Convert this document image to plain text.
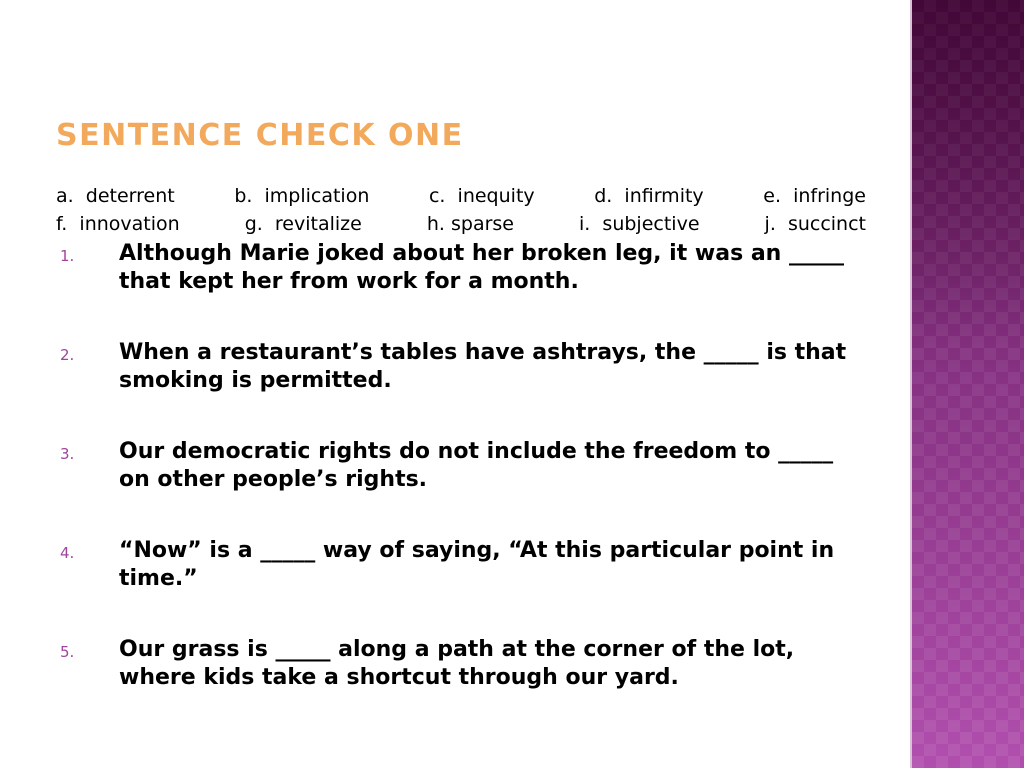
SENTENCE CHECK ONE
a.  deterrent	b.  implication	c.  inequity	d.  infirmity	e.  infringe
f.  innovation	g.  revitalize	h. sparse	i.  subjective	j.  succinct
1. Although Marie joked about her broken leg, it was an _____ that kept her from work for a month.
2. When a restaurant’s tables have ashtrays, the _____ is that smoking is permitted.
3. Our democratic rights do not include the freedom to _____ on other people’s rights.
4. “Now” is a _____ way of saying, “At this particular point in time.”
5. Our grass is _____ along a path at the corner of the lot, where kids take a shortcut through our yard.
